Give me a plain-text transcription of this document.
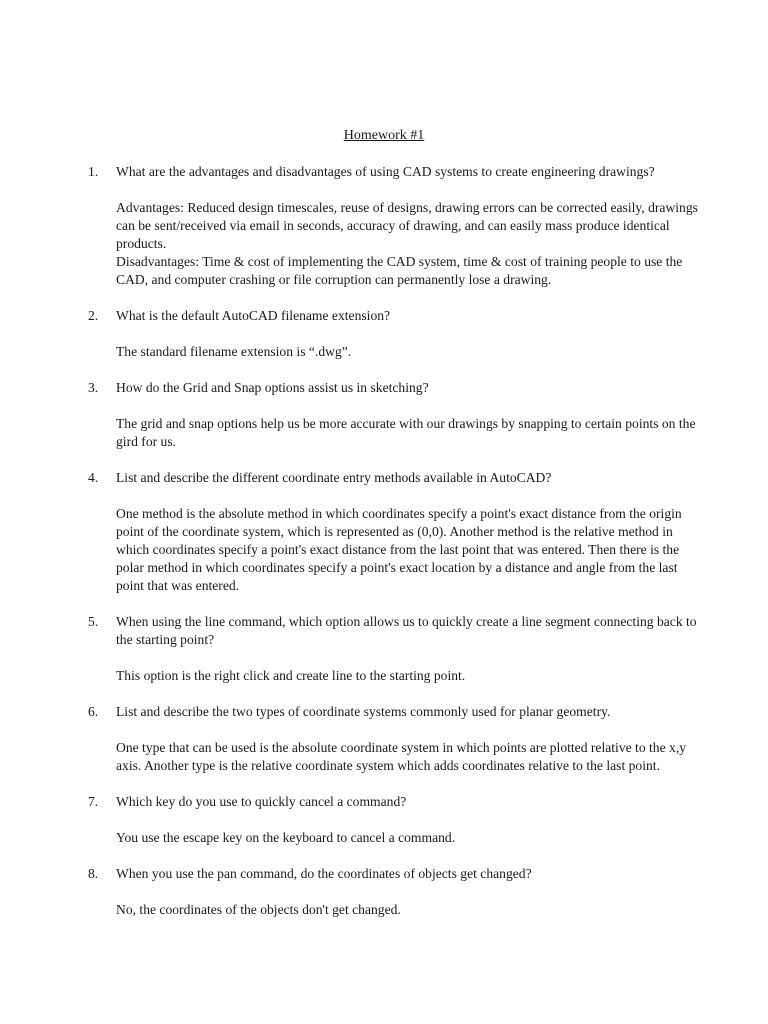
Homework #1
1. What are the advantages and disadvantages of using CAD systems to create engineering drawings?

Advantages: Reduced design timescales, reuse of designs, drawing errors can be corrected easily, drawings can be sent/received via email in seconds, accuracy of drawing, and can easily mass produce identical products.

Disadvantages: Time & cost of implementing the CAD system, time & cost of training people to use the CAD, and computer crashing or file corruption can permanently lose a drawing.

2. What is the default AutoCAD filename extension?

The standard filename extension is “.dwg”.

3. How do the Grid and Snap options assist us in sketching?

The grid and snap options help us be more accurate with our drawings by snapping to certain points on the gird for us.

4. List and describe the different coordinate entry methods available in AutoCAD?

One method is the absolute method in which coordinates specify a point's exact distance from the origin point of the coordinate system, which is represented as (0,0). Another method is the relative method in which coordinates specify a point's exact distance from the last point that was entered. Then there is the polar method in which coordinates specify a point's exact location by a distance and angle from the last point that was entered.

5. When using the line command, which option allows us to quickly create a line segment connecting back to the starting point?

This option is the right click and create line to the starting point.

6. List and describe the two types of coordinate systems commonly used for planar geometry.

One type that can be used is the absolute coordinate system in which points are plotted relative to the x,y axis. Another type is the relative coordinate system which adds coordinates relative to the last point.

7. Which key do you use to quickly cancel a command?

You use the escape key on the keyboard to cancel a command.

8. When you use the pan command, do the coordinates of objects get changed?

No, the coordinates of the objects don't get changed.
